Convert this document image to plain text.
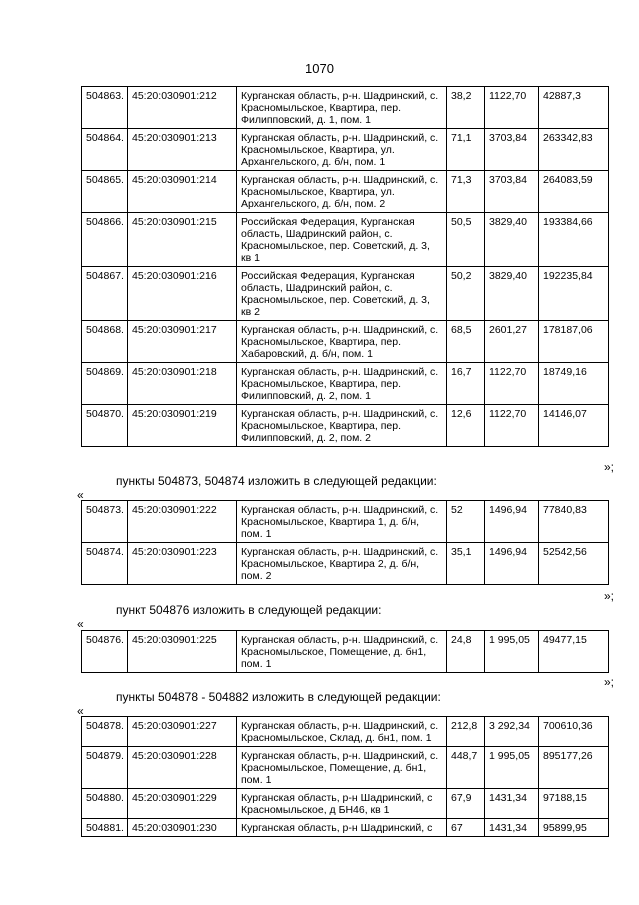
1070
504863.	45:20:030901:212	Курганская область, р-н. Шадринский, с. Красномыльское, Квартира, пер. Филипповский, д. 1, пом. 1	38,2	1122,70	42887,3
504864.	45:20:030901:213	Курганская область, р-н. Шадринский, с. Красномыльское, Квартира, ул. Архангельского, д. б/н, пом. 1	71,1	3703,84	263342,83
504865.	45:20:030901:214	Курганская область, р-н. Шадринский, с. Красномыльское, Квартира, ул. Архангельского, д. б/н, пом. 2	71,3	3703,84	264083,59
504866.	45:20:030901:215	Российская Федерация, Курганская область, Шадринский район, с. Красномыльское, пер. Советский, д. 3, кв 1	50,5	3829,40	193384,66
504867.	45:20:030901:216	Российская Федерация, Курганская область, Шадринский район, с. Красномыльское, пер. Советский, д. 3, кв 2	50,2	3829,40	192235,84
504868.	45:20:030901:217	Курганская область, р-н. Шадринский, с. Красномыльское, Квартира, пер. Хабаровский, д. б/н, пом. 1	68,5	2601,27	178187,06
504869.	45:20:030901:218	Курганская область, р-н. Шадринский, с. Красномыльское, Квартира, пер. Филипповский, д. 2, пом. 1	16,7	1122,70	18749,16
504870.	45:20:030901:219	Курганская область, р-н. Шадринский, с. Красномыльское, Квартира, пер. Филипповский, д. 2, пом. 2	12,6	1122,70	14146,07
»;
пункты 504873, 504874 изложить в следующей редакции:
«
504873.	45:20:030901:222	Курганская область, р-н. Шадринский, с. Красномыльское, Квартира 1, д. б/н, пом. 1	52	1496,94	77840,83
504874.	45:20:030901:223	Курганская область, р-н. Шадринский, с. Красномыльское, Квартира 2, д. б/н, пом. 2	35,1	1496,94	52542,56
»;
пункт 504876 изложить в следующей редакции:
«
504876.	45:20:030901:225	Курганская область, р-н. Шадринский, с. Красномыльское, Помещение, д. бн1, пом. 1	24,8	1 995,05	49477,15
»;
пункты 504878 - 504882 изложить в следующей редакции:
«
504878.	45:20:030901:227	Курганская область, р-н. Шадринский, с. Красномыльское, Склад, д. бн1, пом. 1	212,8	3 292,34	700610,36
504879.	45:20:030901:228	Курганская область, р-н. Шадринский, с. Красномыльское, Помещение, д. бн1, пом. 1	448,7	1 995,05	895177,26
504880.	45:20:030901:229	Курганская область, р-н Шадринский, с Красномыльское, д БН46, кв 1	67,9	1431,34	97188,15
504881.	45:20:030901:230	Курганская область, р-н Шадринский, с	67	1431,34	95899,95
